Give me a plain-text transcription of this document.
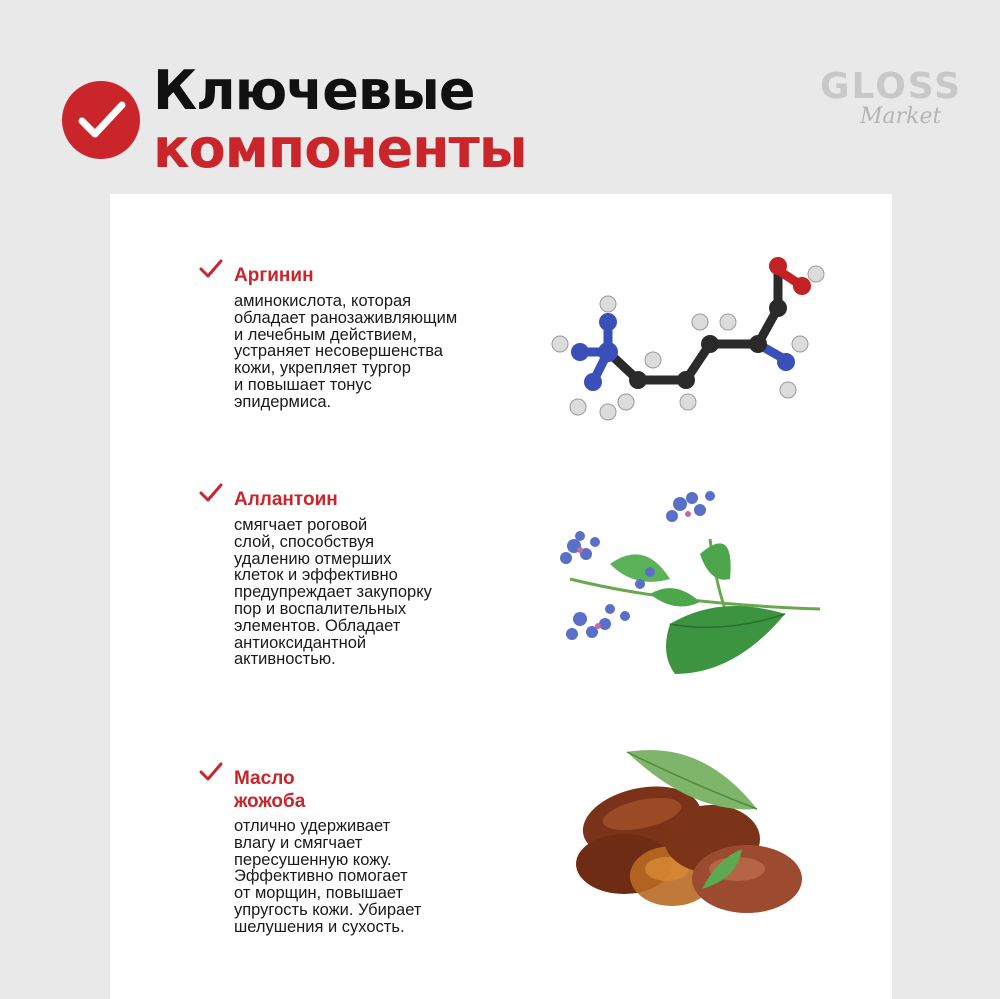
Ключевые
компоненты
GLOSS
Market
Аргинин
аминокислота, которая
обладает ранозаживляющим
и лечебным действием,
устраняет несовершенства
кожи, укрепляет тургор
и повышает тонус
эпидермиса.
Аллантоин
смягчает роговой
слой, способствуя
удалению отмерших
клеток и эффективно
предупреждает закупорку
пор и воспалительных
элементов. Обладает
антиоксидантной
активностью.
Масло
жожоба
отлично удерживает
влагу и смягчает
пересушенную кожу.
Эффективно помогает
от морщин, повышает
упругость кожи. Убирает
шелушения и сухость.
